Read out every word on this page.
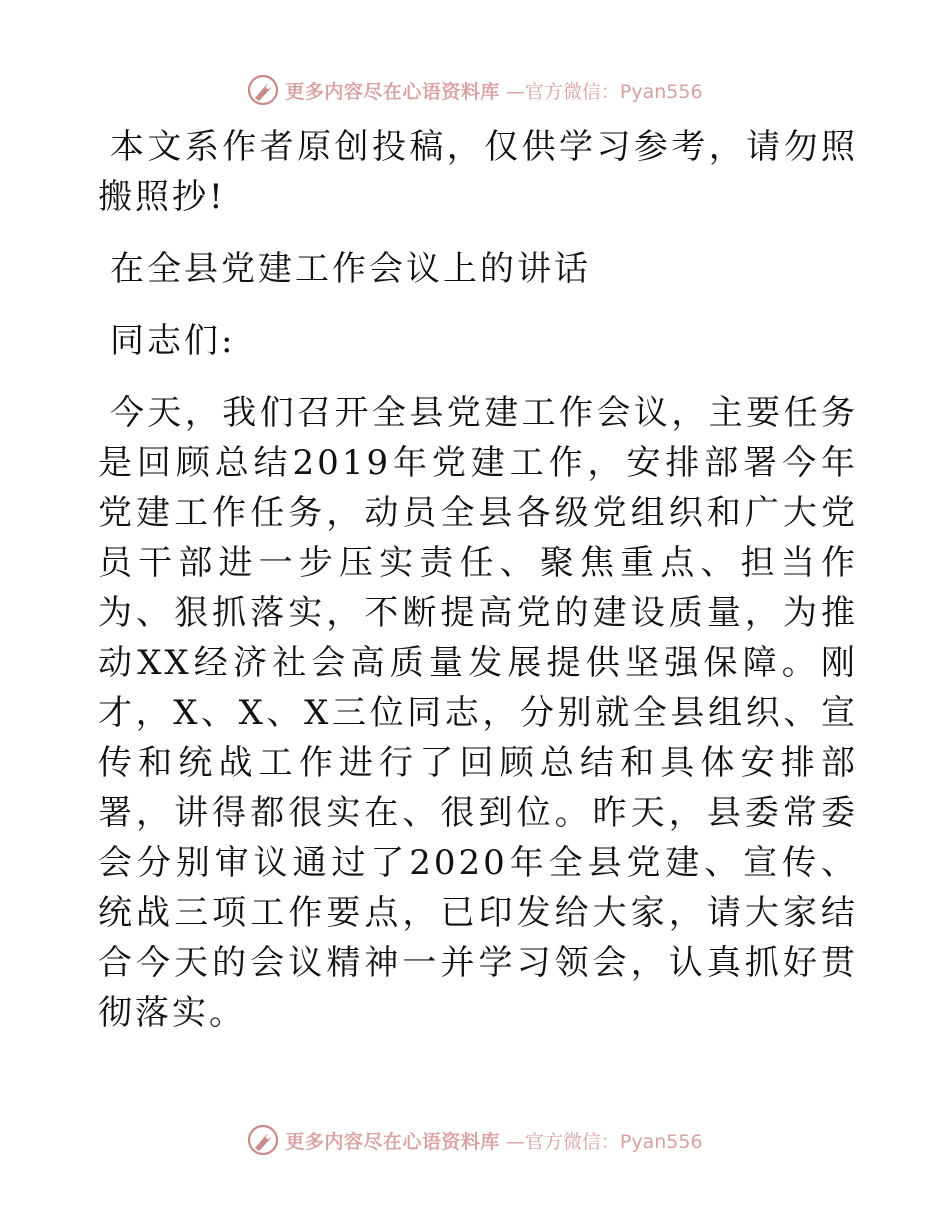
更多内容尽在心语资料库 —官方微信：Pyan556

本文系作者原创投稿，仅供学习参考，请勿照搬照抄!

在全县党建工作会议上的讲话

同志们:

今天，我们召开全县党建工作会议，主要任务是回顾总结2019年党建工作，安排部署今年党建工作任务，动员全县各级党组织和广大党员干部进一步压实责任、聚焦重点、担当作为、狠抓落实，不断提高党的建设质量，为推动XX经济社会高质量发展提供坚强保障。刚才，X、X、X三位同志，分别就全县组织、宣传和统战工作进行了回顾总结和具体安排部署，讲得都很实在、很到位。昨天，县委常委会分别审议通过了2020年全县党建、宣传、统战三项工作要点，已印发给大家，请大家结合今天的会议精神一并学习领会，认真抓好贯彻落实。

更多内容尽在心语资料库 —官方微信：Pyan556
